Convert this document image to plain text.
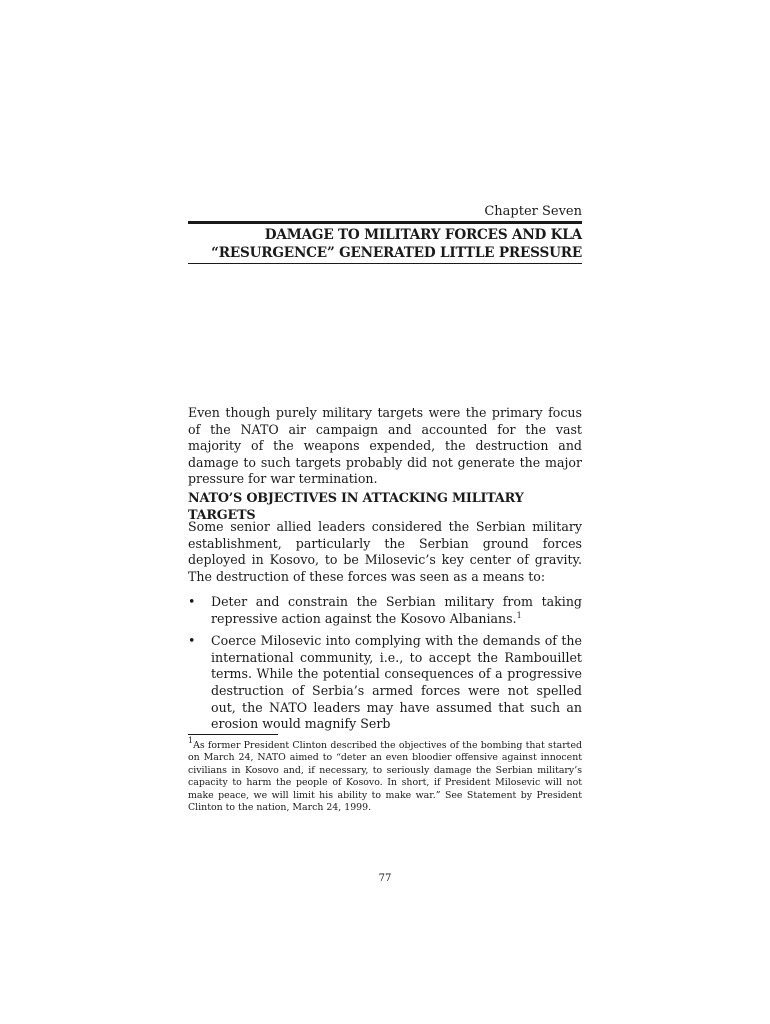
Chapter Seven
DAMAGE TO MILITARY FORCES AND KLA
“RESURGENCE” GENERATED LITTLE PRESSURE

Even though purely military targets were the primary focus of the NATO air campaign and accounted for the vast majority of the weapons expended, the destruction and damage to such targets probably did not generate the major pressure for war termination.

NATO’S OBJECTIVES IN ATTACKING MILITARY TARGETS

Some senior allied leaders considered the Serbian military establishment, particularly the Serbian ground forces deployed in Kosovo, to be Milosevic’s key center of gravity. The destruction of these forces was seen as a means to:

• Deter and constrain the Serbian military from taking repressive action against the Kosovo Albanians.$^1$

• Coerce Milosevic into complying with the demands of the international community, i.e., to accept the Rambouillet terms. While the potential consequences of a progressive destruction of Serbia’s armed forces were not spelled out, the NATO leaders may have assumed that such an erosion would magnify Serb

$^1$As former President Clinton described the objectives of the bombing that started on March 24, NATO aimed to “deter an even bloodier offensive against innocent civilians in Kosovo and, if necessary, to seriously damage the Serbian military’s capacity to harm the people of Kosovo. In short, if President Milosevic will not make peace, we will limit his ability to make war.” See Statement by President Clinton to the nation, March 24, 1999.

77
